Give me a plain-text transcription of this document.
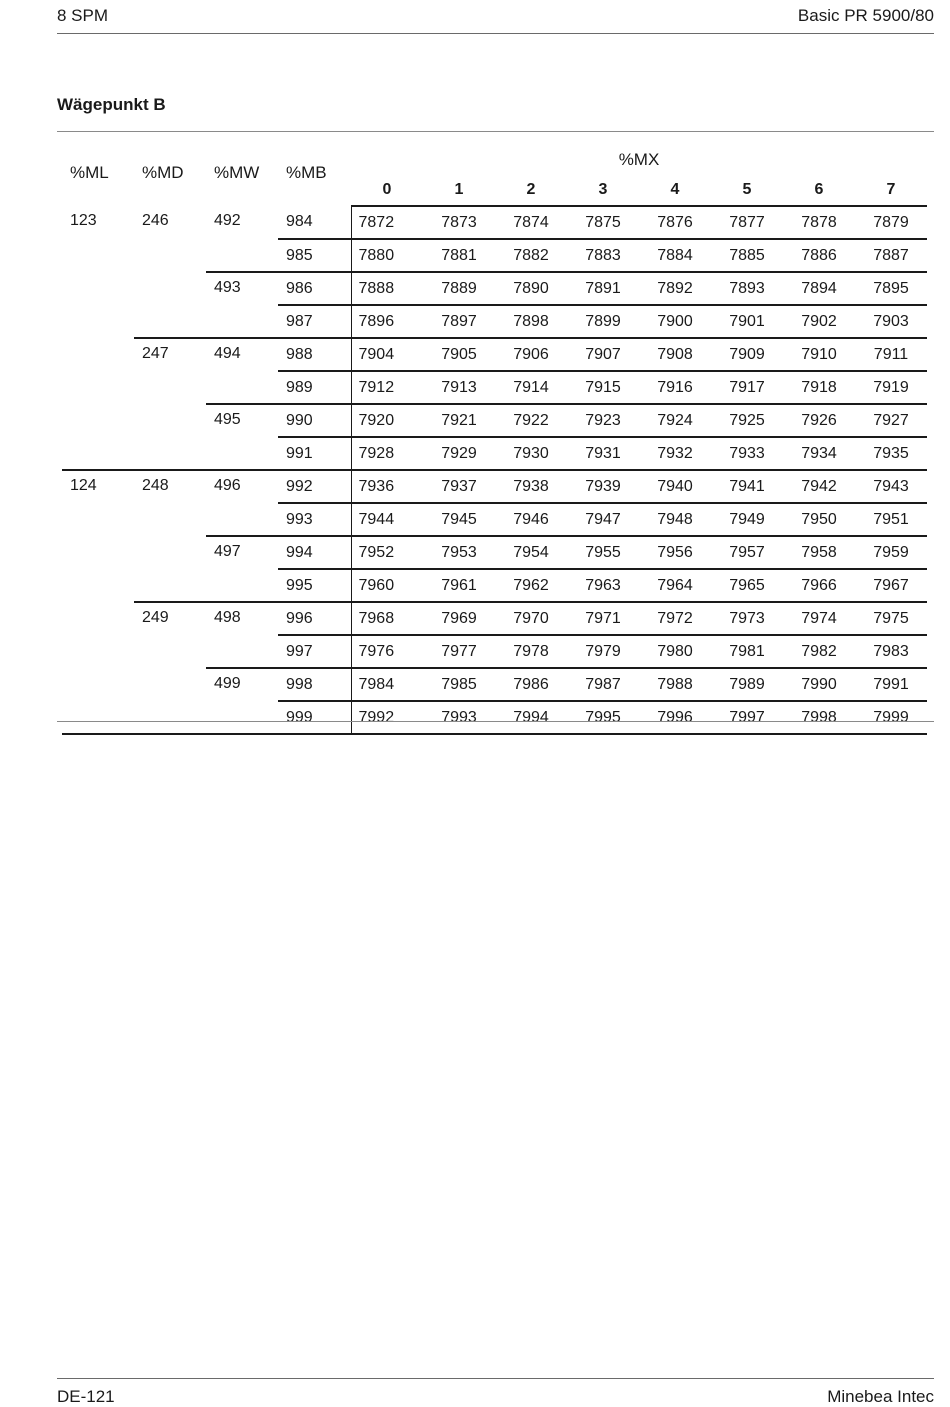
8 SPM	Basic PR 5900/80
Wägepunkt B
%ML	%MD	%MW	%MB	%MX							
				0	1	2	3	4	5	6	7
123	246	492	984	7872	7873	7874	7875	7876	7877	7878	7879
			985	7880	7881	7882	7883	7884	7885	7886	7887
		493	986	7888	7889	7890	7891	7892	7893	7894	7895
			987	7896	7897	7898	7899	7900	7901	7902	7903
	247	494	988	7904	7905	7906	7907	7908	7909	7910	7911
			989	7912	7913	7914	7915	7916	7917	7918	7919
		495	990	7920	7921	7922	7923	7924	7925	7926	7927
			991	7928	7929	7930	7931	7932	7933	7934	7935
124	248	496	992	7936	7937	7938	7939	7940	7941	7942	7943
			993	7944	7945	7946	7947	7948	7949	7950	7951
		497	994	7952	7953	7954	7955	7956	7957	7958	7959
			995	7960	7961	7962	7963	7964	7965	7966	7967
	249	498	996	7968	7969	7970	7971	7972	7973	7974	7975
			997	7976	7977	7978	7979	7980	7981	7982	7983
		499	998	7984	7985	7986	7987	7988	7989	7990	7991
			999	7992	7993	7994	7995	7996	7997	7998	7999
DE-121	Minebea Intec
